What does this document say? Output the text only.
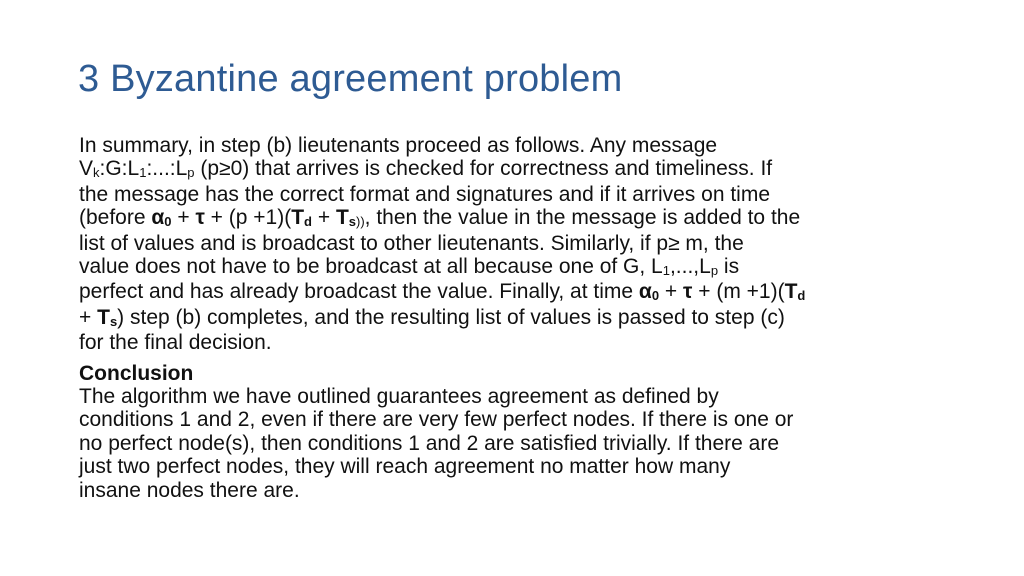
3 Byzantine agreement problem

In summary, in step (b) lieutenants proceed as follows. Any message
$V_k:G:L_1:...:L_p$ (p≥0) that arrives is checked for correctness and timeliness. If
the message has the correct format and signatures and if it arrives on time
(before $\alpha_0 + \tau + (p +1)(T_d + T_{s))}$, then the value in the message is added to the
list of values and is broadcast to other lieutenants. Similarly, if p≥ m, the
value does not have to be broadcast at all because one of G, $L_1,...,L_p$ is
perfect and has already broadcast the value. Finally, at time $\alpha_0 + \tau + (m +1)(T_d$
+ $T_s$) step (b) completes, and the resulting list of values is passed to step (c)
for the final decision.

Conclusion
The algorithm we have outlined guarantees agreement as defined by
conditions 1 and 2, even if there are very few perfect nodes. If there is one or
no perfect node(s), then conditions 1 and 2 are satisfied trivially. If there are
just two perfect nodes, they will reach agreement no matter how many
insane nodes there are.
